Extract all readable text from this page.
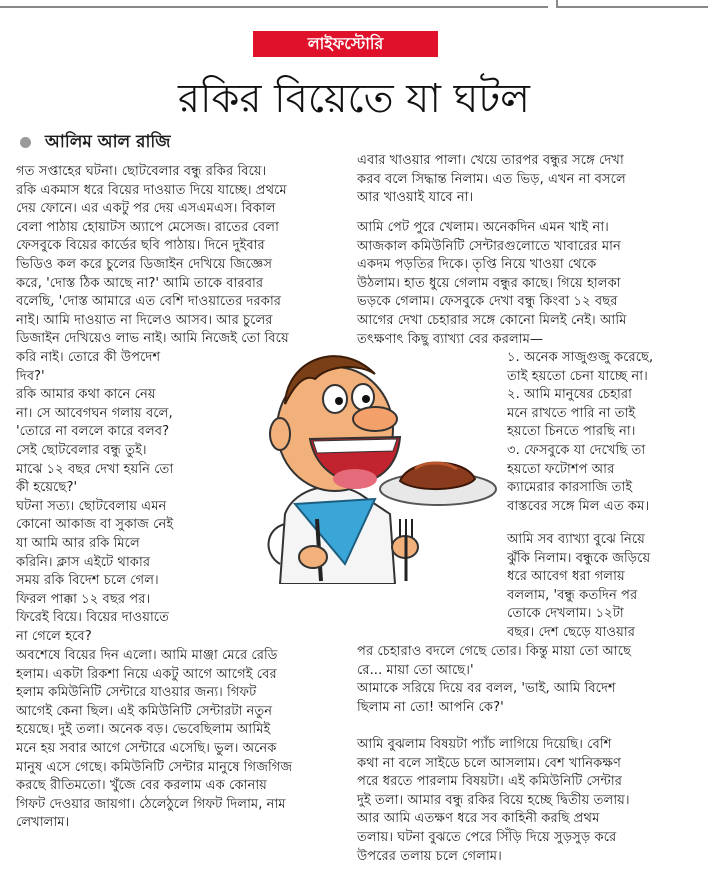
লাইফস্টোরি
রকির বিয়েতে যা ঘটল
আলিম আল রাজি

গত সপ্তাহের ঘটনা। ছোটবেলার বন্ধু রকির বিয়ে।

রকি একমাস ধরে বিয়ের দাওয়াত দিয়ে যাচ্ছে। প্রথমে

দেয় ফোনে। এর একটু পর দেয় এসএমএস। বিকাল

বেলা পাঠায় হোয়াটস অ্যাপে মেসেজ। রাতের বেলা

ফেসবুকে বিয়ের কার্ডের ছবি পাঠায়। দিনে দুইবার

ভিডিও কল করে চুলের ডিজাইন দেখিয়ে জিজ্ঞেস

করে, 'দোস্ত ঠিক আছে না?' আমি তাকে বারবার

বলেছি, 'দোস্ত আমারে এত বেশি দাওয়াতের দরকার

নাই। আমি দাওয়াত না দিলেও আসব। আর চুলের

ডিজাইন দেখিয়েও লাভ নাই। আমি নিজেই তো বিয়ে

করি নাই। তোরে কী উপদেশ

দিব?'

রকি আমার কথা কানে নেয়

না। সে আবেগঘন গলায় বলে,

'তোরে না বললে কারে বলব?

সেই ছোটবেলার বন্ধু তুই।

মাঝে ১২ বছর দেখা হয়নি তো

কী হয়েছে?'

ঘটনা সত্য। ছোটবেলায় এমন

কোনো আকাজ বা সুকাজ নেই

যা আমি আর রকি মিলে

করিনি। ক্লাস এইটে থাকার

সময় রকি বিদেশ চলে গেল।

ফিরল পাক্কা ১২ বছর পর।

ফিরেই বিয়ে। বিয়ের দাওয়াতে

না গেলে হবে?

অবশেষে বিয়ের দিন এলো। আমি মাঞ্জা মেরে রেডি

হলাম। একটা রিকশা নিয়ে একটু আগে আগেই বের

হলাম কমিউনিটি সেন্টারে যাওয়ার জন্য। গিফট

আগেই কেনা ছিল। এই কমিউনিটি সেন্টারটা নতুন

হয়েছে। দুই তলা। অনেক বড়। ভেবেছিলাম আমিই

মনে হয় সবার আগে সেন্টারে এসেছি। ভুল। অনেক

মানুষ এসে গেছে। কমিউনিটি সেন্টার মানুষে গিজগিজ

করছে রীতিমতো। খুঁজে বের করলাম এক কোনায়

গিফট দেওয়ার জায়গা। ঠেলেঠুলে গিফট দিলাম, নাম

লেখালাম।

এবার খাওয়ার পালা। খেয়ে তারপর বন্ধুর সঙ্গে দেখা

করব বলে সিদ্ধান্ত নিলাম। এত ভিড়, এখন না বসলে

আর খাওয়াই যাবে না।

আমি পেট পুরে খেলাম। অনেকদিন এমন খাই না।

আজকাল কমিউনিটি সেন্টারগুলোতে খাবারের মান

একদম পড়তির দিকে। তৃপ্তি নিয়ে খাওয়া থেকে

উঠলাম। হাত ধুয়ে গেলাম বন্ধুর কাছে। গিয়ে হালকা

ভড়কে গেলাম। ফেসবুকে দেখা বন্ধু কিংবা ১২ বছর

আগের দেখা চেহারার সঙ্গে কোনো মিলই নেই। আমি

তৎক্ষণাৎ কিছু ব্যাখ্যা বের করলাম—

১. অনেক সাজুগুজু করেছে,

তাই হয়তো চেনা যাচ্ছে না।

২. আমি মানুষের চেহারা

মনে রাখতে পারি না তাই

হয়তো চিনতে পারছি না।

৩. ফেসবুকে যা দেখেছি তা

হয়তো ফটোশপ আর

ক্যামেরার কারসাজি তাই

বাস্তবের সঙ্গে মিল এত কম।

আমি সব ব্যাখ্যা বুঝে নিয়ে

ঝুঁকি নিলাম। বন্ধুকে জড়িয়ে

ধরে আবেগ ধরা গলায়

বললাম, 'বন্ধু কতদিন পর

তোকে দেখলাম। ১২টা

বছর। দেশ ছেড়ে যাওয়ার

পর চেহারাও বদলে গেছে তোর। কিন্তু মায়া তো আছে

রে... মায়া তো আছে।'

আমাকে সরিয়ে দিয়ে বর বলল, 'ভাই, আমি বিদেশ

ছিলাম না তো! আপনি কে?'

আমি বুঝলাম বিষয়টা প্যাঁচ লাগিয়ে দিয়েছি। বেশি

কথা না বলে সাইডে চলে আসলাম। বেশ খানিকক্ষণ

পরে ধরতে পারলাম বিষয়টা। এই কমিউনিটি সেন্টার

দুই তলা। আমার বন্ধু রকির বিয়ে হচ্ছে দ্বিতীয় তলায়।

আর আমি এতক্ষণ ধরে সব কাহিনী করছি প্রথম

তলায়। ঘটনা বুঝতে পেরে সিঁড়ি দিয়ে সুড়সুড় করে

উপরের তলায় চলে গেলাম।
